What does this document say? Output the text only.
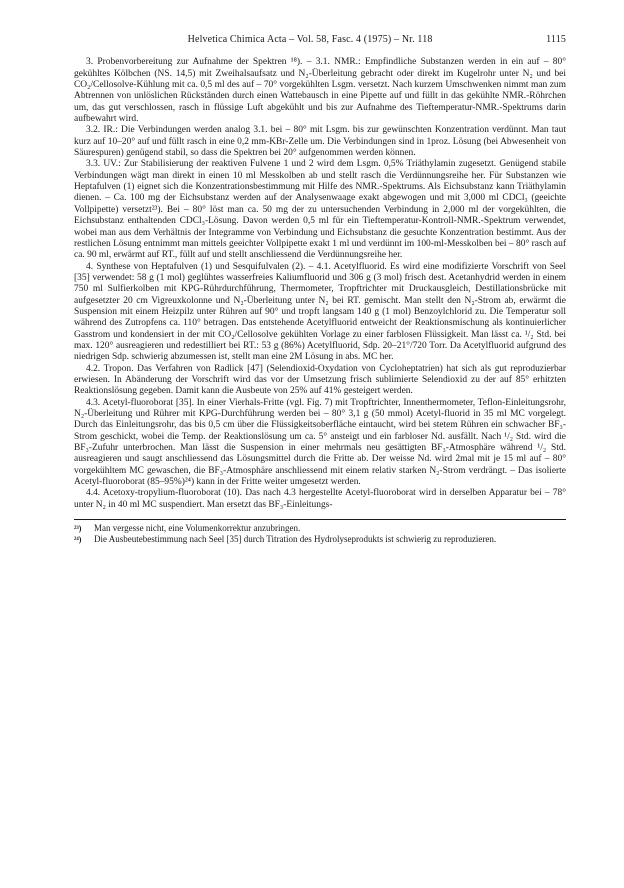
Helvetica Chimica Acta – Vol. 58, Fasc. 4 (1975) – Nr. 118	1115

3. Probenvorbereitung zur Aufnahme der Spektren ¹⁸). – 3.1. NMR.: Empfindliche Substanzen werden in ein auf – 80° gekühltes Kölbchen (NS. 14,5) mit Zweihalsaufsatz und N₂-Überleitung gebracht oder direkt im Kugelrohr unter N₂ und bei CO₂/Cellosolve-Kühlung mit ca. 0,5 ml des auf – 70° vorgekühlten Lsgm. versetzt. Nach kurzem Umschwenken nimmt man zum Abtrennen von unlöslichen Rückständen durch einen Wattebausch in eine Pipette auf und füllt in das gekühlte NMR.-Röhrchen um, das gut verschlossen, rasch in flüssige Luft abgekühlt und bis zur Aufnahme des Tieftemperatur-NMR.-Spektrums darin aufbewahrt wird.

3.2. IR.: Die Verbindungen werden analog 3.1. bei – 80° mit Lsgm. bis zur gewünschten Konzentration verdünnt. Man taut kurz auf 10–20° auf und füllt rasch in eine 0,2 mm-KBr-Zelle um. Die Verbindungen sind in 1proz. Lösung (bei Abwesenheit von Säurespuren) genügend stabil, so dass die Spektren bei 20° aufgenommen werden können.

3.3. UV.: Zur Stabilisierung der reaktiven Fulvene 1 und 2 wird dem Lsgm. 0,5% Triäthylamin zugesetzt. Genügend stabile Verbindungen wägt man direkt in einen 10 ml Messkolben ab und stellt rasch die Verdünnungsreihe her. Für Substanzen wie Heptafulven (1) eignet sich die Konzentrationsbestimmung mit Hilfe des NMR.-Spektrums. Als Eichsubstanz kann Triäthylamin dienen. – Ca. 100 mg der Eichsubstanz werden auf der Analysenwaage exakt abgewogen und mit 3,000 ml CDCl₃ (geeichte Vollpipette) versetzt²³). Bei – 80° löst man ca. 50 mg der zu untersuchenden Verbindung in 2,000 ml der vorgekühlten, die Eichsubstanz enthaltenden CDCl₃-Lösung. Davon werden 0,5 ml für ein Tieftemperatur-Kontroll-NMR.-Spektrum verwendet, wobei man aus dem Verhältnis der Integramme von Verbindung und Eichsubstanz die gesuchte Konzentration bestimmt. Aus der restlichen Lösung entnimmt man mittels geeichter Vollpipette exakt 1 ml und verdünnt im 100-ml-Messkolben bei – 80° rasch auf ca. 90 ml, erwärmt auf RT., füllt auf und stellt anschliessend die Verdünnungsreihe her.

4. Synthese von Heptafulven (1) und Sesquifulvalen (2). – 4.1. Acetylfluorid. Es wird eine modifizierte Vorschrift von Seel [35] verwendet: 58 g (1 mol) geglühtes wasserfreies Kaliumfluorid und 306 g (3 mol) frisch dest. Acetanhydrid werden in einem 750 ml Sulfierkolben mit KPG-Rührdurchführung, Thermometer, Tropftrichter mit Druckausgleich, Destillationsbrücke mit aufgesetzter 20 cm Vigreuxkolonne und N₂-Überleitung unter N₂ bei RT. gemischt. Man stellt den N₂-Strom ab, erwärmt die Suspension mit einem Heizpilz unter Rühren auf 90° und tropft langsam 140 g (1 mol) Benzoylchlorid zu. Die Temperatur soll während des Zutropfens ca. 110° betragen. Das entstehende Acetylfluorid entweicht der Reaktionsmischung als kontinuierlicher Gasstrom und kondensiert in der mit CO₂/Cellosolve gekühlten Vorlage zu einer farblosen Flüssigkeit. Man lässt ca. ¹/₂ Std. bei max. 120° ausreagieren und redestilliert bei RT.: 53 g (86%) Acetylfluorid, Sdp. 20–21°/720 Torr. Da Acetylfluorid aufgrund des niedrigen Sdp. schwierig abzumessen ist, stellt man eine 2M Lösung in abs. MC her.

4.2. Tropon. Das Verfahren von Radlick [47] (Selendioxid-Oxydation von Cycloheptatrien) hat sich als gut reproduzierbar erwiesen. In Abänderung der Vorschrift wird das vor der Umsetzung frisch sublimierte Selendioxid zu der auf 85° erhitzten Reaktionslösung gegeben. Damit kann die Ausbeute von 25% auf 41% gesteigert werden.

4.3. Acetyl-fluoroborat [35]. In einer Vierhals-Fritte (vgl. Fig. 7) mit Tropftrichter, Innenthermometer, Teflon-Einleitungsrohr, N₂-Überleitung und Rührer mit KPG-Durchführung werden bei – 80° 3,1 g (50 mmol) Acetyl-fluorid in 35 ml MC vorgelegt. Durch das Einleitungsrohr, das bis 0,5 cm über die Flüssigkeitsoberfläche eintaucht, wird bei stetem Rühren ein schwacher BF₃-Strom geschickt, wobei die Temp. der Reaktionslösung um ca. 5° ansteigt und ein farbloser Nd. ausfällt. Nach ¹/₂ Std. wird die BF₃-Zufuhr unterbrochen. Man lässt die Suspension in einer mehrmals neu gesättigten BF₃-Atmosphäre während ¹/₂ Std. ausreagieren und saugt anschliessend das Lösungsmittel durch die Fritte ab. Der weisse Nd. wird 2mal mit je 15 ml auf – 80° vorgekühltem MC gewaschen, die BF₃-Atmosphäre anschliessend mit einem relativ starken N₂-Strom verdrängt. – Das isolierte Acetyl-fluoroborat (85–95%)²⁴) kann in der Fritte weiter umgesetzt werden.

4.4. Acetoxy-tropylium-fluoroborat (10). Das nach 4.3 hergestellte Acetyl-fluoroborat wird in derselben Apparatur bei – 78° unter N₂ in 40 ml MC suspendiert. Man ersetzt das BF₃-Einleitungs-

²³)	Man vergesse nicht, eine Volumenkorrektur anzubringen.
²⁴)	Die Ausbeutebestimmung nach Seel [35] durch Titration des Hydrolyseprodukts ist schwierig zu reproduzieren.
